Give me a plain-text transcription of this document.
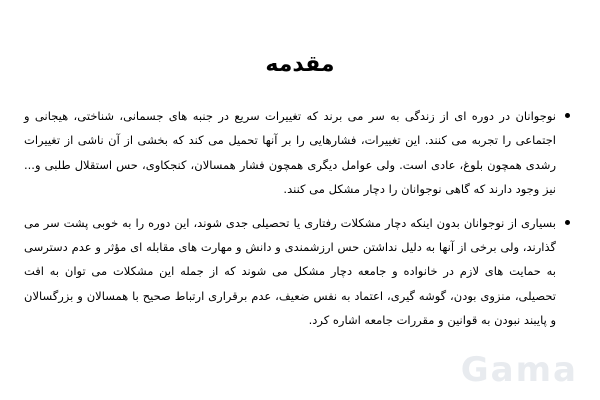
مقدمه
نوجوانان در دوره ای از زندگی به سر می برند که تغییرات سریع در جنبه های جسمانی، شناختی، هیجانی و اجتماعی را تجربه می کنند. این تغییرات، فشارهایی را بر آنها تحمیل می کند که بخشی از آن ناشی از تغییرات رشدی همچون بلوغ، عادی است. ولی عوامل دیگری همچون فشار همسالان، کنجکاوی، حس استقلال طلبی و... نیز وجود دارند که گاهی نوجوانان را دچار مشکل می کنند.
بسیاری از نوجوانان بدون اینکه دچار مشکلات رفتاری یا تحصیلی جدی شوند، این دوره را به خوبی پشت سر می گذارند، ولی برخی از آنها به دلیل نداشتن حس ارزشمندی و دانش و مهارت های مقابله ای مؤثر و عدم دسترسی به حمایت های لازم در خانواده و جامعه دچار مشکل می شوند که از جمله این مشکلات می توان به افت تحصیلی، منزوی بودن، گوشه گیری، اعتماد به نفس ضعیف، عدم برقراری ارتباط صحیح با همسالان و بزرگسالان و پایبند نبودن به قوانین و مقررات جامعه اشاره کرد.
Gama
